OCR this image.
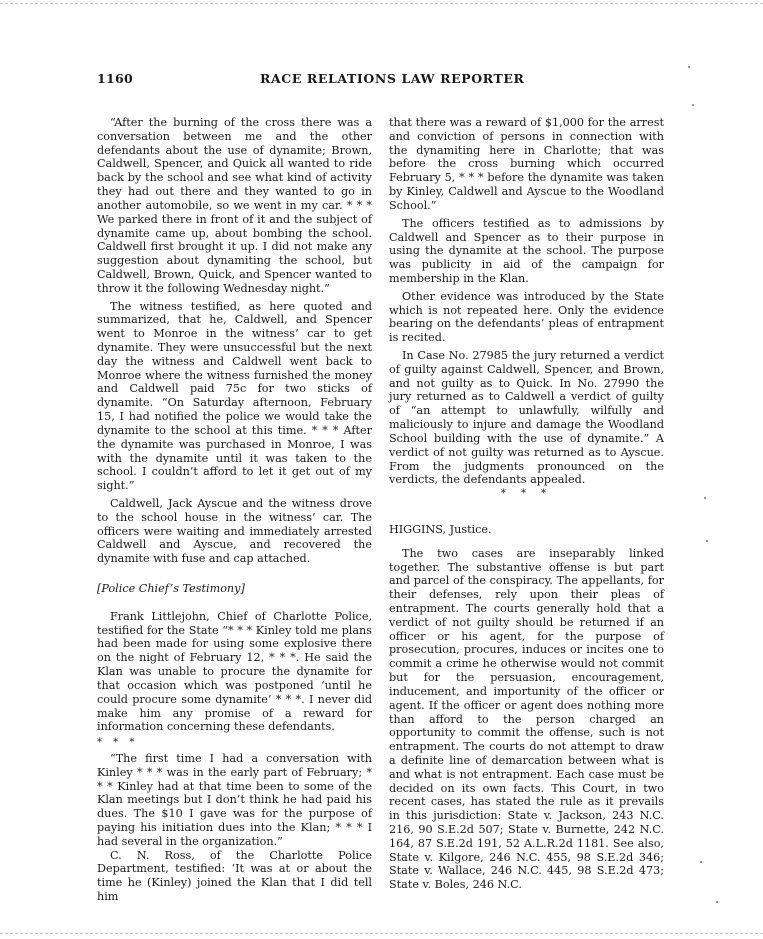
1160	RACE RELATIONS LAW REPORTER

“After the burning of the cross there was a conversation between me and the other defendants about the use of dynamite; Brown, Caldwell, Spencer, and Quick all wanted to ride back by the school and see what kind of activity they had out there and they wanted to go in another automobile, so we went in my car. * * * We parked there in front of it and the subject of dynamite came up, about bombing the school. Caldwell first brought it up. I did not make any suggestion about dynamiting the school, but Caldwell, Brown, Quick, and Spencer wanted to throw it the following Wednesday night.”

The witness testified, as here quoted and summarized, that he, Caldwell, and Spencer went to Monroe in the witness’ car to get dynamite. They were unsuccessful but the next day the witness and Caldwell went back to Monroe where the witness furnished the money and Caldwell paid 75c for two sticks of dynamite. “On Saturday afternoon, February 15, I had notified the police we would take the dynamite to the school at this time. * * * After the dynamite was purchased in Monroe, I was with the dynamite until it was taken to the school. I couldn’t afford to let it get out of my sight.”

Caldwell, Jack Ayscue and the witness drove to the school house in the witness’ car. The officers were waiting and immediately arrested Caldwell and Ayscue, and recovered the dynamite with fuse and cap attached.

[Police Chief’s Testimony]

Frank Littlejohn, Chief of Charlotte Police, testified for the State “* * * Kinley told me plans had been made for using some explosive there on the night of February 12, * * *. He said the Klan was unable to procure the dynamite for that occasion which was postponed ‘until he could procure some dynamite’ * * *. I never did make him any promise of a reward for information concerning these defendants.

* * *

“The first time I had a conversation with Kinley * * * was in the early part of February; * * * Kinley had at that time been to some of the Klan meetings but I don’t think he had paid his dues. The $10 I gave was for the purpose of paying his initiation dues into the Klan; * * * I had several in the organization.”

C. N. Ross, of the Charlotte Police Department, testified: ‘It was at or about the time he (Kinley) joined the Klan that I did tell him

that there was a reward of $1,000 for the arrest and conviction of persons in connection with the dynamiting here in Charlotte; that was before the cross burning which occurred February 5, * * * before the dynamite was taken by Kinley, Caldwell and Ayscue to the Woodland School.”

The officers testified as to admissions by Caldwell and Spencer as to their purpose in using the dynamite at the school. The purpose was publicity in aid of the campaign for membership in the Klan.

Other evidence was introduced by the State which is not repeated here. Only the evidence bearing on the defendants’ pleas of entrapment is recited.

In Case No. 27985 the jury returned a verdict of guilty against Caldwell, Spencer, and Brown, and not guilty as to Quick. In No. 27990 the jury returned as to Caldwell a verdict of guilty of “an attempt to unlawfully, wilfully and maliciously to injure and damage the Woodland School building with the use of dynamite.” A verdict of not guilty was returned as to Ayscue. From the judgments pronounced on the verdicts, the defendants appealed.

* * *

HIGGINS, Justice.

The two cases are inseparably linked together. The substantive offense is but part and parcel of the conspiracy. The appellants, for their defenses, rely upon their pleas of entrapment. The courts generally hold that a verdict of not guilty should be returned if an officer or his agent, for the purpose of prosecution, procures, induces or incites one to commit a crime he otherwise would not commit but for the persuasion, encouragement, inducement, and importunity of the officer or agent. If the officer or agent does nothing more than afford to the person charged an opportunity to commit the offense, such is not entrapment. The courts do not attempt to draw a definite line of demarcation between what is and what is not entrapment. Each case must be decided on its own facts. This Court, in two recent cases, has stated the rule as it prevails in this jurisdiction: State v. Jackson, 243 N.C. 216, 90 S.E.2d 507; State v. Burnette, 242 N.C. 164, 87 S.E.2d 191, 52 A.L.R.2d 1181. See also, State v. Kilgore, 246 N.C. 455, 98 S.E.2d 346; State v. Wallace, 246 N.C. 445, 98 S.E.2d 473; State v. Boles, 246 N.C.
